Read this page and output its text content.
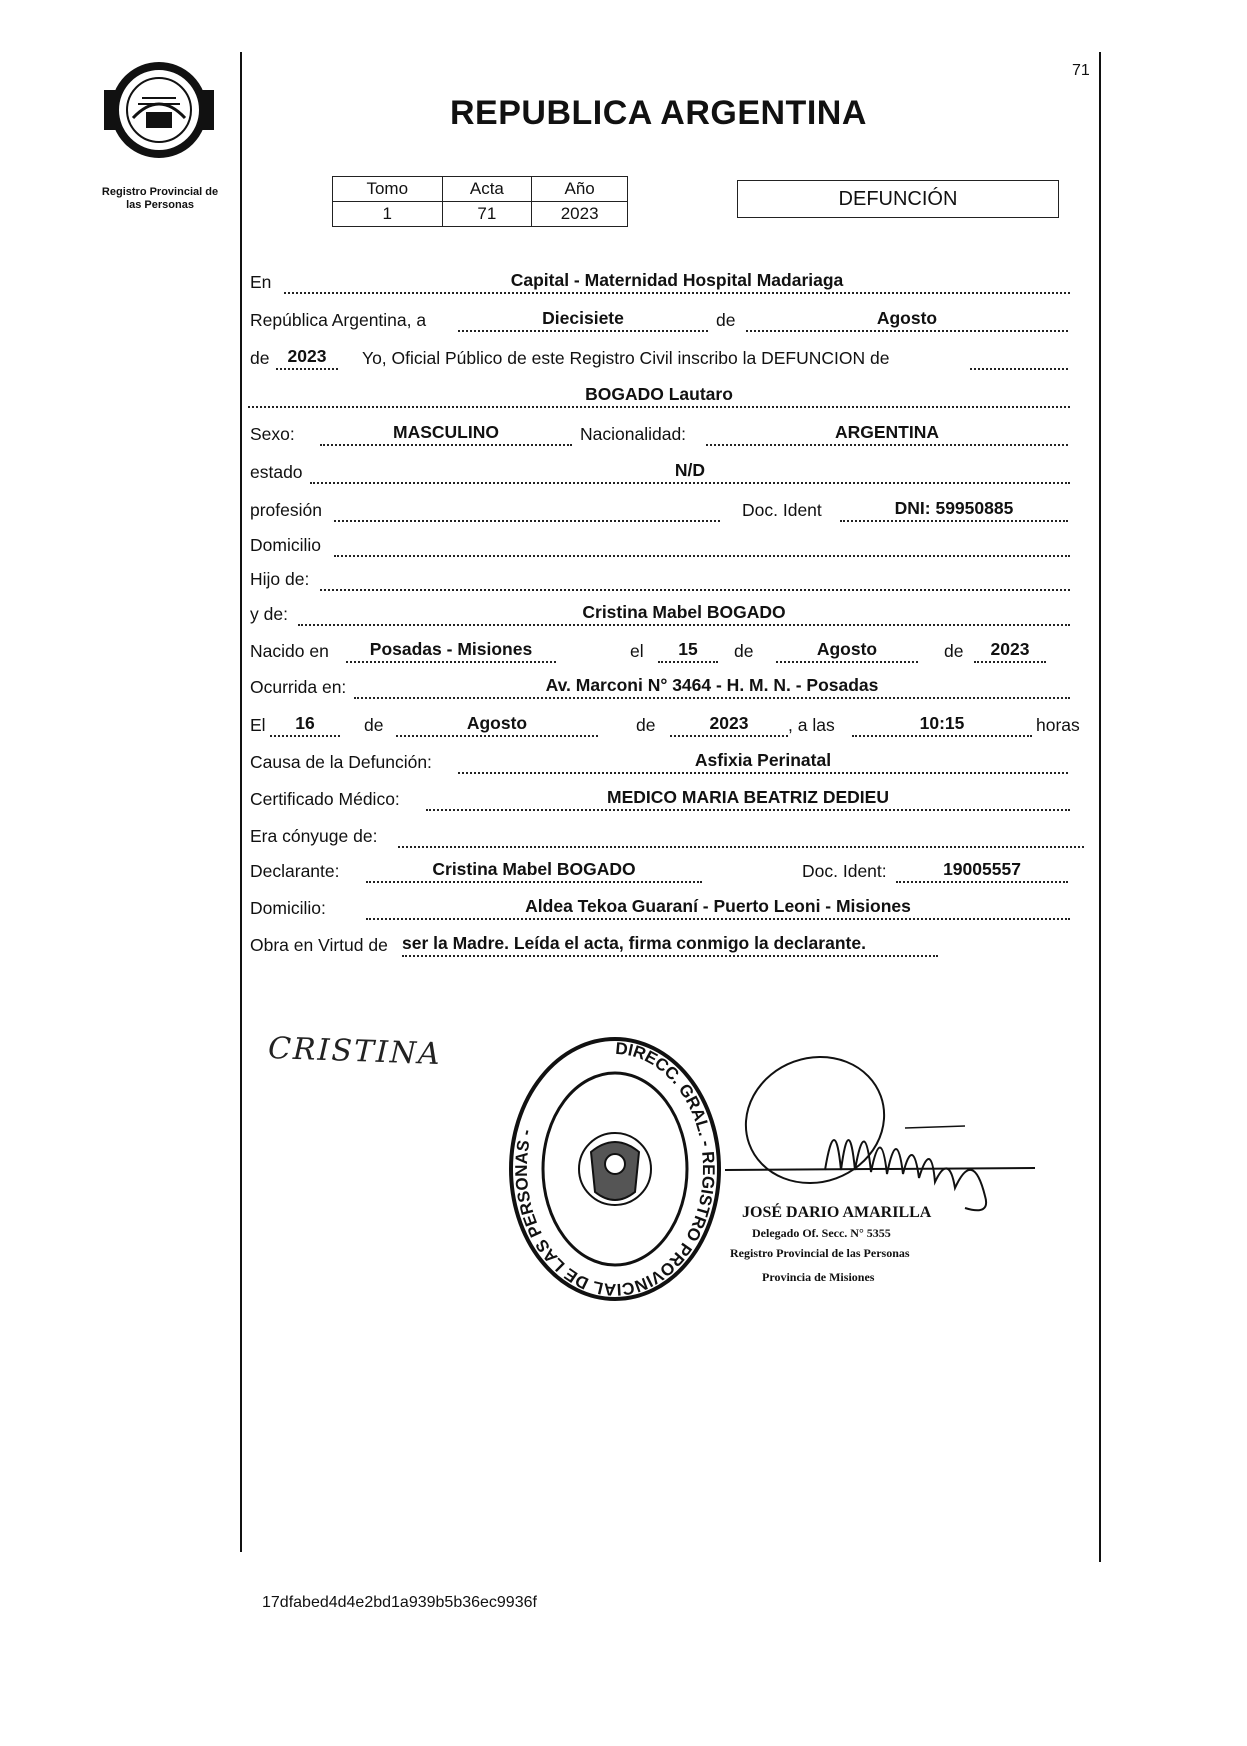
Registro Provincial de
las Personas
71
REPUBLICA ARGENTINA
Tomo	Acta	Año
1	71	2023
DEFUNCIÓN
En	Capital - Maternidad Hospital Madariaga
República Argentina, a	Diecisiete	de	Agosto
de	2023	Yo, Oficial Público de este Registro Civil inscribo la DEFUNCION de
BOGADO Lautaro
Sexo:	MASCULINO	Nacionalidad:	ARGENTINA
estado	N/D
profesión	Doc. Ident	DNI: 59950885
Domicilio
Hijo de:
y de:	Cristina Mabel BOGADO
Nacido en	Posadas - Misiones	el	15	de	Agosto	de	2023
Ocurrida en:	Av. Marconi N° 3464 - H. M. N. - Posadas
El	16	de	Agosto	de	2023	, a las	10:15	horas
Causa de la Defunción:	Asfixia Perinatal
Certificado Médico:	MEDICO MARIA BEATRIZ DEDIEU
Era cónyuge de:
Declarante:	Cristina Mabel BOGADO	Doc. Ident:	19005557
Domicilio:	Aldea Tekoa Guaraní - Puerto Leoni - Misiones
Obra en Virtud de ser la Madre. Leída el acta, firma conmigo la declarante.
CRISTINA	DIRECC. GRAL. - REGISTRO PROVINCIAL DE LAS PERSONAS -
JOSÉ DARIO AMARILLA
Delegado Of. Secc. N° 5355
Registro Provincial de las Personas
Provincia de Misiones
17dfabed4d4e2bd1a939b5b36ec9936f
